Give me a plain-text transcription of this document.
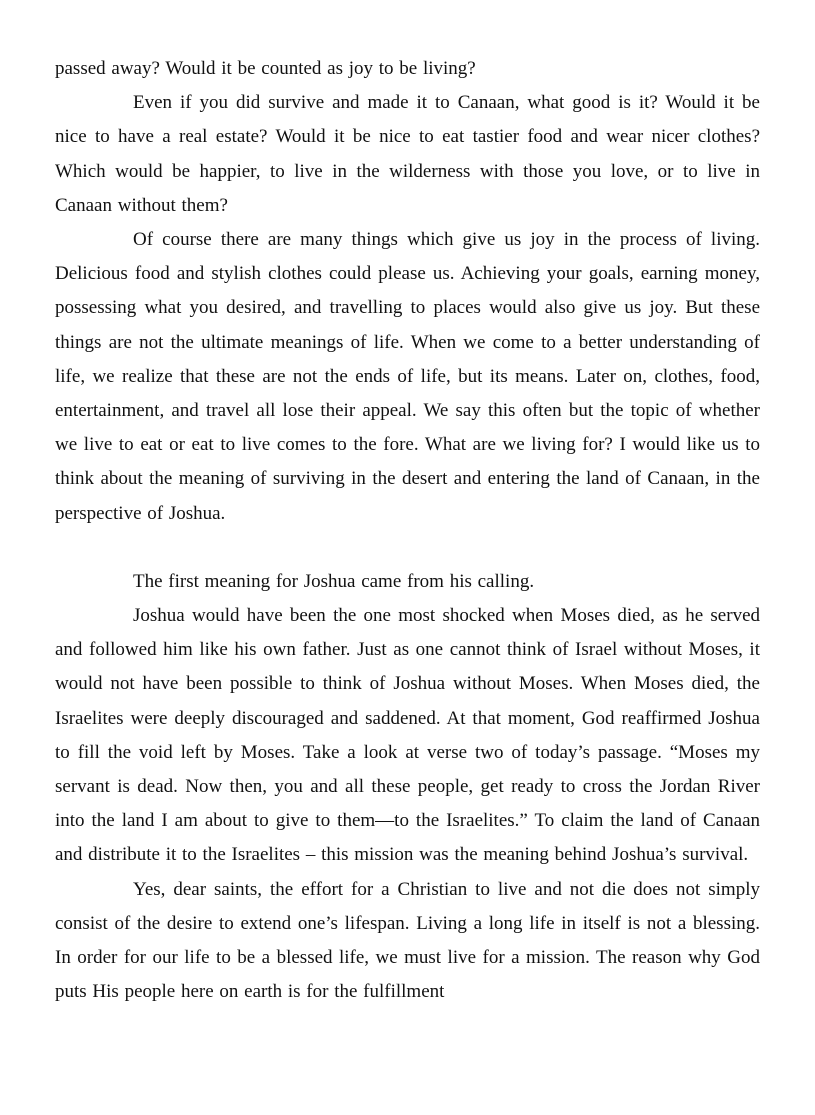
passed away? Would it be counted as joy to be living?

Even if you did survive and made it to Canaan, what good is it? Would it be nice to have a real estate? Would it be nice to eat tastier food and wear nicer clothes? Which would be happier, to live in the wilderness with those you love, or to live in Canaan without them?

Of course there are many things which give us joy in the process of living. Delicious food and stylish clothes could please us. Achieving your goals, earning money, possessing what you desired, and travelling to places would also give us joy. But these things are not the ultimate meanings of life. When we come to a better understanding of life, we realize that these are not the ends of life, but its means. Later on, clothes, food, entertainment, and travel all lose their appeal. We say this often but the topic of whether we live to eat or eat to live comes to the fore. What are we living for? I would like us to think about the meaning of surviving in the desert and entering the land of Canaan, in the perspective of Joshua.

The first meaning for Joshua came from his calling.

Joshua would have been the one most shocked when Moses died, as he served and followed him like his own father. Just as one cannot think of Israel without Moses, it would not have been possible to think of Joshua without Moses. When Moses died, the Israelites were deeply discouraged and saddened. At that moment, God reaffirmed Joshua to fill the void left by Moses. Take a look at verse two of today’s passage. “Moses my servant is dead. Now then, you and all these people, get ready to cross the Jordan River into the land I am about to give to them—to the Israelites.” To claim the land of Canaan and distribute it to the Israelites – this mission was the meaning behind Joshua’s survival.

Yes, dear saints, the effort for a Christian to live and not die does not simply consist of the desire to extend one’s lifespan. Living a long life in itself is not a blessing. In order for our life to be a blessed life, we must live for a mission. The reason why God puts His people here on earth is for the fulfillment
